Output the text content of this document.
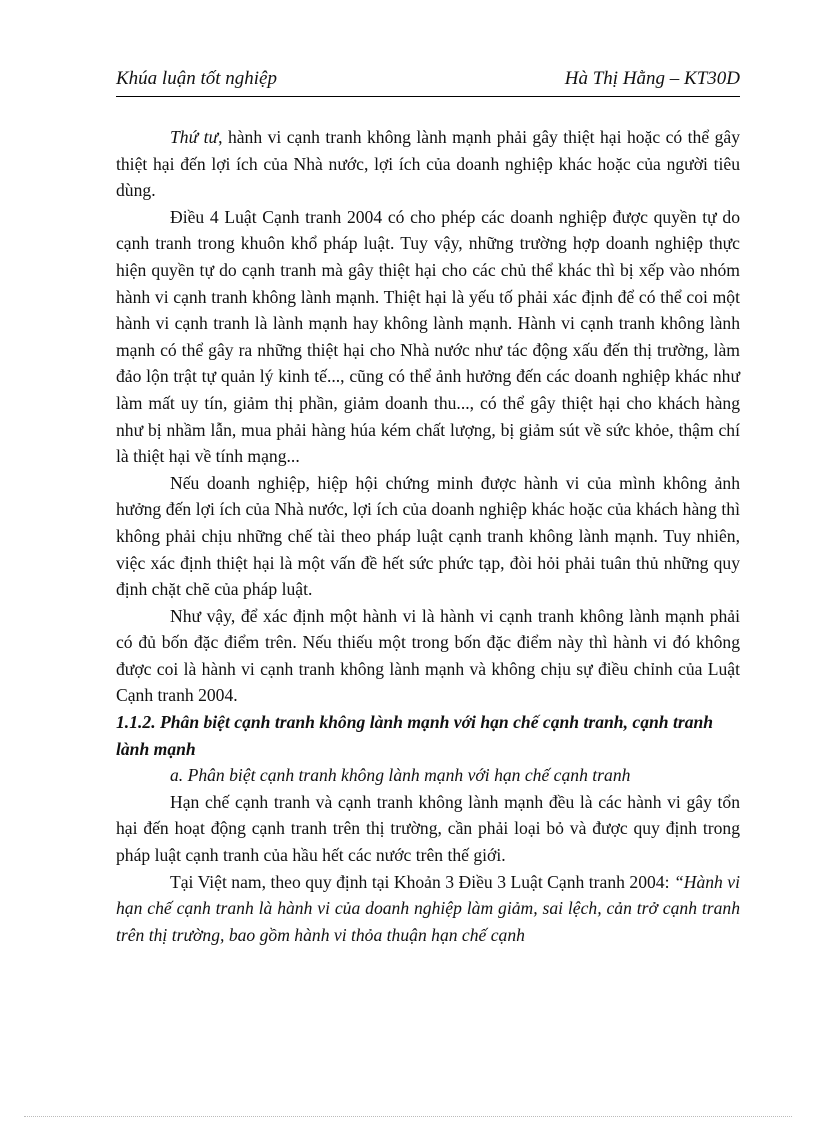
Khúa luận tốt nghiệp	Hà Thị Hằng – KT30D

Thứ tư, hành vi cạnh tranh không lành mạnh phải gây thiệt hại hoặc có thể gây thiệt hại đến lợi ích của Nhà nước, lợi ích của doanh nghiệp khác hoặc của người tiêu dùng.

Điều 4 Luật Cạnh tranh 2004 có cho phép các doanh nghiệp được quyền tự do cạnh tranh trong khuôn khổ pháp luật. Tuy vậy, những trường hợp doanh nghiệp thực hiện quyền tự do cạnh tranh mà gây thiệt hại cho các chủ thể khác thì bị xếp vào nhóm hành vi cạnh tranh không lành mạnh. Thiệt hại là yếu tố phải xác định để có thể coi một hành vi cạnh tranh là lành mạnh hay không lành mạnh. Hành vi cạnh tranh không lành mạnh có thể gây ra những thiệt hại cho Nhà nước như tác động xấu đến thị trường, làm đảo lộn trật tự quản lý kinh tế..., cũng có thể ảnh hưởng đến các doanh nghiệp khác như làm mất uy tín, giảm thị phần, giảm doanh thu..., có thể gây thiệt hại cho khách hàng như bị nhầm lẫn, mua phải hàng húa kém chất lượng, bị giảm sút về sức khỏe, thậm chí là thiệt hại về tính mạng...

Nếu doanh nghiệp, hiệp hội chứng minh được hành vi của mình không ảnh hưởng đến lợi ích của Nhà nước, lợi ích của doanh nghiệp khác hoặc của khách hàng thì không phải chịu những chế tài theo pháp luật cạnh tranh không lành mạnh. Tuy nhiên, việc xác định thiệt hại là một vấn đề hết sức phức tạp, đòi hỏi phải tuân thủ những quy định chặt chẽ của pháp luật.

Như vậy, để xác định một hành vi là hành vi cạnh tranh không lành mạnh phải có đủ bốn đặc điểm trên. Nếu thiếu một trong bốn đặc điểm này thì hành vi đó không được coi là hành vi cạnh tranh không lành mạnh và không chịu sự điều chỉnh của Luật Cạnh tranh 2004.

1.1.2. Phân biệt cạnh tranh không lành mạnh với hạn chế cạnh tranh, cạnh tranh lành mạnh

a. Phân biệt cạnh tranh không lành mạnh với hạn chế cạnh tranh

Hạn chế cạnh tranh và cạnh tranh không lành mạnh đều là các hành vi gây tổn hại đến hoạt động cạnh tranh trên thị trường, cần phải loại bỏ và được quy định trong pháp luật cạnh tranh của hầu hết các nước trên thế giới.

Tại Việt nam, theo quy định tại Khoản 3 Điều 3 Luật Cạnh tranh 2004: “Hành vi hạn chế cạnh tranh là hành vi của doanh nghiệp làm giảm, sai lệch, cản trở cạnh tranh trên thị trường, bao gồm hành vi thỏa thuận hạn chế cạnh
